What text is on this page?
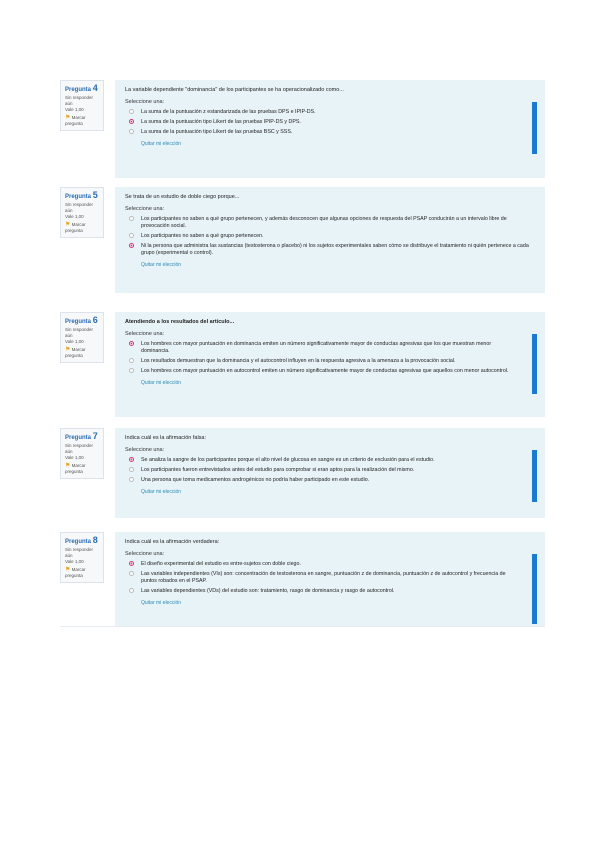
Pregunta 4
Sin responder aún
Vale 1,00
⚑ Marcar pregunta
La variable dependiente "dominancia" de los participantes se ha operacionalizado como...
Seleccione una:
La suma de la puntuación z estandarizada de las pruebas DPS e IPIP-DS.
La suma de la puntuación tipo Likert de las pruebas IPIP-DS y DPS.
La suma de la puntuación tipo Likert de las pruebas BSC y SSS.
Quitar mi elección
Pregunta 5
Sin responder aún
Vale 1,00
⚑ Marcar pregunta
Se trata de un estudio de doble ciego porque...
Seleccione una:
Los participantes no saben a qué grupo pertenecen, y además desconocen que algunas opciones de respuesta del PSAP conducirán a un intervalo libre de provocación social.
Los participantes no saben a qué grupo pertenecen.
Ni la persona que administra las sustancias (testosterona o placebo) ni los sujetos experimentales saben cómo se distribuye el tratamiento ni quién pertenece a cada grupo (experimental o control).
Quitar mi elección
Pregunta 6
Sin responder aún
Vale 1,00
⚑ Marcar pregunta
Atendiendo a los resultados del artículo...
Seleccione una:
Los hombres con mayor puntuación en dominancia emiten un número significativamente mayor de conductas agresivas que los que muestran menor dominancia.
Los resultados demuestran que la dominancia y el autocontrol influyen en la respuesta agresiva a la amenaza a la provocación social.
Los hombres con mayor puntuación en autocontrol emiten un número significativamente mayor de conductas agresivas que aquellos con menor autocontrol.
Quitar mi elección
Pregunta 7
Sin responder aún
Vale 1,00
⚑ Marcar pregunta
Indica cuál es la afirmación falsa:
Seleccione una:
Se analiza la sangre de los participantes porque el alto nivel de glucosa en sangre es un criterio de exclusión para el estudio.
Los participantes fueron entrevistados antes del estudio para comprobar si eran aptos para la realización del mismo.
Una persona que toma medicamentos androgénicos no podría haber participado en este estudio.
Quitar mi elección
Pregunta 8
Sin responder aún
Vale 1,00
⚑ Marcar pregunta
Indica cuál es la afirmación verdadera:
Seleccione una:
El diseño experimental del estudio es entre-sujetos con doble ciego.
Las variables independientes (VIs) son: concentración de testosterona en sangre, puntuación z de dominancia, puntuación z de autocontrol y frecuencia de puntos robados en el PSAP.
Las variables dependientes (VDs) del estudio son: tratamiento, rasgo de dominancia y rasgo de autocontrol.
Quitar mi elección
